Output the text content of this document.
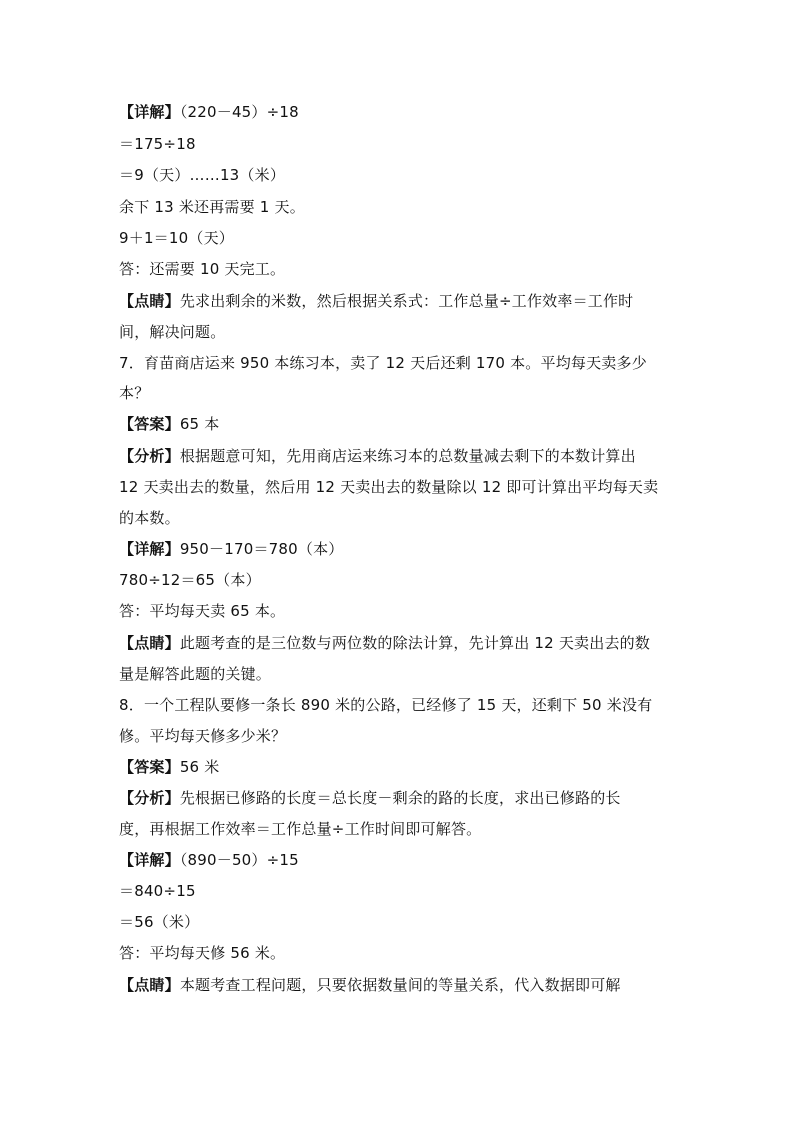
【详解】（220－45）÷18
＝175÷18
＝9（天）……13（米）
余下 13 米还再需要 1 天。
9＋1＝10（天）
答：还需要 10 天完工。
【点睛】先求出剩余的米数，然后根据关系式：工作总量÷工作效率＝工作时
间，解决问题。
7．育苗商店运来 950 本练习本，卖了 12 天后还剩 170 本。平均每天卖多少
本？
【答案】65 本
【分析】根据题意可知，先用商店运来练习本的总数量减去剩下的本数计算出
12 天卖出去的数量，然后用 12 天卖出去的数量除以 12 即可计算出平均每天卖
的本数。
【详解】950－170＝780（本）
780÷12＝65（本）
答：平均每天卖 65 本。
【点睛】此题考查的是三位数与两位数的除法计算，先计算出 12 天卖出去的数
量是解答此题的关键。
8．一个工程队要修一条长 890 米的公路，已经修了 15 天，还剩下 50 米没有
修。平均每天修多少米？
【答案】56 米
【分析】先根据已修路的长度＝总长度－剩余的路的长度，求出已修路的长
度，再根据工作效率＝工作总量÷工作时间即可解答。
【详解】（890－50）÷15
＝840÷15
＝56（米）
答：平均每天修 56 米。
【点睛】本题考查工程问题，只要依据数量间的等量关系，代入数据即可解
